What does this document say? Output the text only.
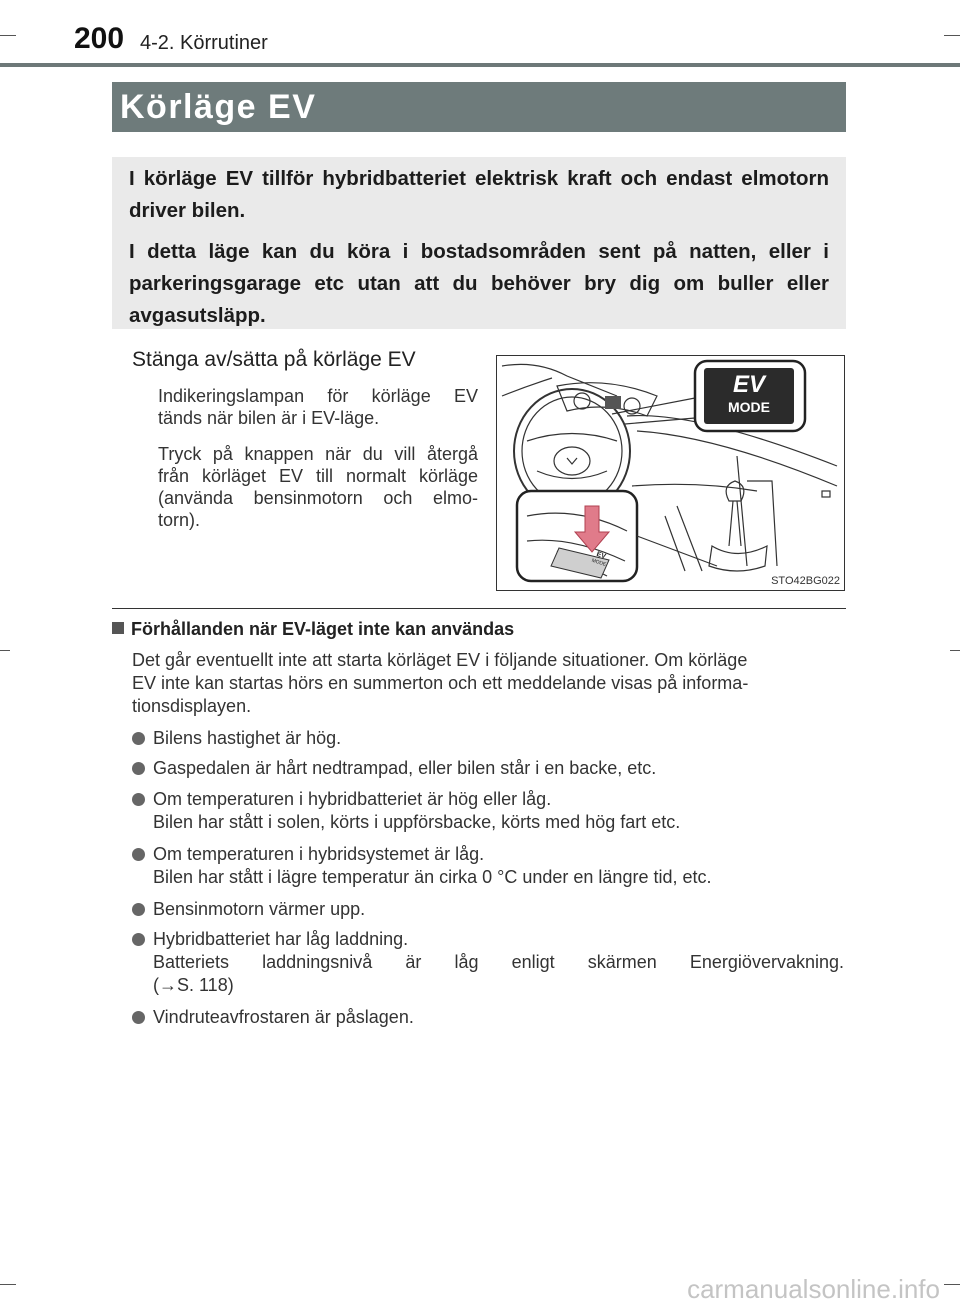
200 4-2. Körrutiner
Körläge EV

I körläge EV tillför hybridbatteriet elektrisk kraft och endast elmotorn driver bilen.

I detta läge kan du köra i bostadsområden sent på natten, eller i parkeringsgarage etc utan att du behöver bry dig om buller eller avgasutsläpp.

Stänga av/sätta på körläge EV
Indikeringslampan för körläge EV
tänds när bilen är i EV-läge.
Tryck på knappen när du vill återgå
från körläget EV till normalt körläge
(använda bensinmotorn och elmo-
torn).
EV
MODE
EV
MODE
STO42BG022
Förhållanden när EV-läget inte kan användas
Det går eventuellt inte att starta körläget EV i följande situationer. Om körläge
EV inte kan startas hörs en summerton och ett meddelande visas på informa-
tionsdisplayen.
Bilens hastighet är hög.
Gaspedalen är hårt nedtrampad, eller bilen står i en backe, etc.
Om temperaturen i hybridbatteriet är hög eller låg.
Bilen har stått i solen, körts i uppförsbacke, körts med hög fart etc.
Om temperaturen i hybridsystemet är låg.
Bilen har stått i lägre temperatur än cirka 0 °C under en längre tid, etc.
Bensinmotorn värmer upp.
Hybridbatteriet har låg laddning.
Batteriets laddningsnivå är låg enligt skärmen Energiövervakning.
(→S. 118)
Vindruteavfrostaren är påslagen.
carmanualsonline.info
